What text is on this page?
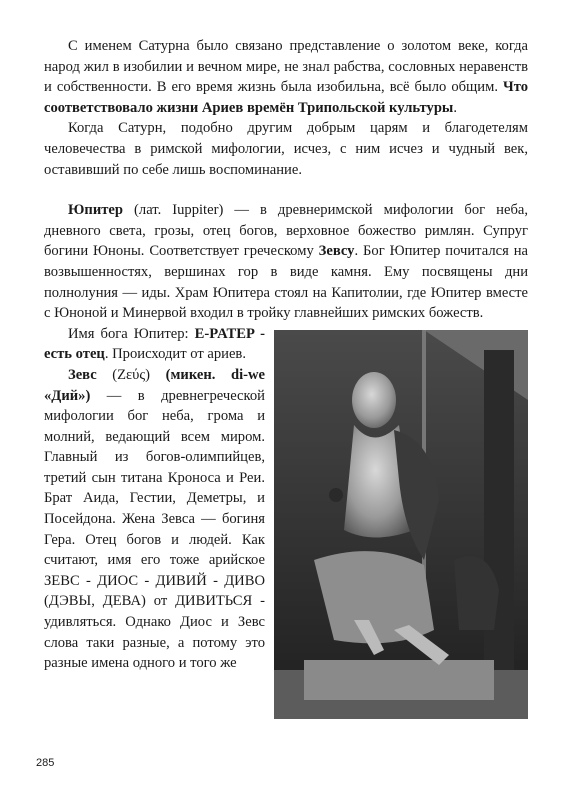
С именем Сатурна было связано представление о золотом веке, когда народ жил в изобилии и вечном мире, не знал рабства, сословных неравенств и собственности. В его время жизнь была изобильна, всё было общим. Что соответствовало жизни Ариев времён Трипольской культуры.

Когда Сатурн, подобно другим добрым царям и благодетелям человечества в римской мифологии, исчез, с ним исчез и чудный век, оставивший по себе лишь воспоминание.

Юпитер (лат. Iuppiter) — в древнеримской мифологии бог неба, дневного света, грозы, отец богов, верховное божество римлян. Супруг богини Юноны. Соответствует греческому Зевсу. Бог Юпитер почитался на возвышенностях, вершинах гор в виде камня. Ему посвящены дни полнолуния — иды. Храм Юпитера стоял на Капитолии, где Юпитер вместе с Юноной и Минервой входил в тройку главнейших римских божеств.

Имя бога Юпитер: E-PATEP - есть отец. Происходит от ариев.

Зевс (Ζεύς) (микен. di-we «Дий») — в древнегреческой мифологии бог неба, грома и молний, ведающий всем миром. Главный из богов-олимпийцев, третий сын титана Кроноса и Реи. Брат Аида, Гестии, Деметры, и Посейдона. Жена Зевса — богиня Гера. Отец богов и людей. Как считают, имя его тоже арийское ЗЕВС - ДИОС - ДИВИЙ - ДИВО (ДЭВЫ, ДЕВА) от ДИВИТЬСЯ - удивляться. Однако Диос и Зевс слова таки разные, а потому это разные имена одного и того же

285
